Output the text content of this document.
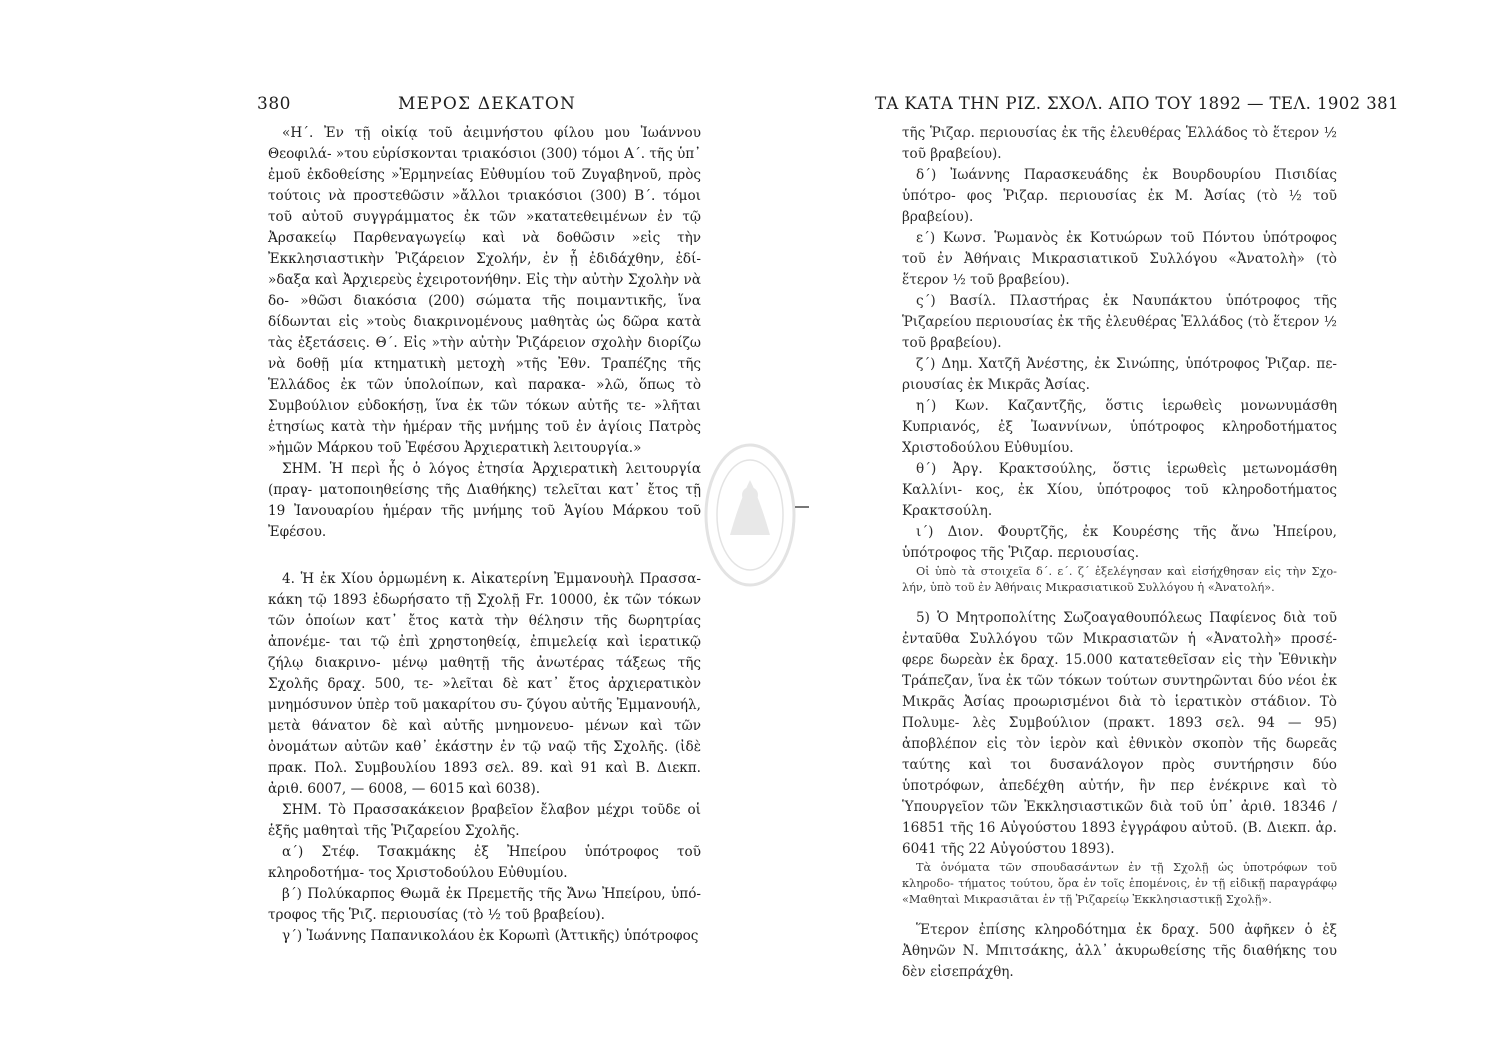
380	ΜΕΡΟΣ ΔΕΚΑΤΟΝ

«Η΄. Ἐν τῇ οἰκίᾳ τοῦ ἀειμνήστου φίλου μου Ἰωάννου Θεοφιλά- »του εὑρίσκονται τριακόσιοι (300) τόμοι Α΄. τῆς ὑπ᾿ ἐμοῦ ἐκδοθείσης »Ἑρμηνείας Εὐθυμίου τοῦ Ζυγαβηνοῦ, πρὸς τούτοις νὰ προστεθῶσιν »ἄλλοι τριακόσιοι (300) Β΄. τόμοι τοῦ αὐτοῦ συγγράμματος ἐκ τῶν »κατατεθειμένων ἐν τῷ Ἀρσακείῳ Παρθεναγωγείῳ καὶ νὰ δοθῶσιν »εἰς τὴν Ἐκκλησιαστικὴν Ῥιζάρειον Σχολήν, ἐν ᾗ ἐδιδάχθην, ἐδί- »δαξα καὶ Ἀρχιερεὺς ἐχειροτονήθην. Εἰς τὴν αὐτὴν Σχολὴν νὰ δο- »θῶσι διακόσια (200) σώματα τῆς ποιμαντικῆς, ἵνα δίδωνται εἰς »τοὺς διακρινομένους μαθητὰς ὡς δῶρα κατὰ τὰς ἐξετάσεις. Θ΄. Εἰς »τὴν αὐτὴν Ῥιζάρειον σχολὴν διορίζω νὰ δοθῇ μία κτηματικὴ μετοχὴ »τῆς Ἐθν. Τραπέζης τῆς Ἑλλάδος ἐκ τῶν ὑπολοίπων, καὶ παρακα- »λῶ, ὅπως τὸ Συμβούλιον εὐδοκήσῃ, ἵνα ἐκ τῶν τόκων αὐτῆς τε- »λῆται ἐτησίως κατὰ τὴν ἡμέραν τῆς μνήμης τοῦ ἐν ἁγίοις Πατρὸς »ἡμῶν Μάρκου τοῦ Ἐφέσου Ἀρχιερατικὴ λειτουργία.»

ΣΗΜ. Ἡ περὶ ἧς ὁ λόγος ἐτησία Ἀρχιερατικὴ λειτουργία (πραγ- ματοποιηθείσης τῆς Διαθήκης) τελεῖται κατ᾿ ἔτος τῇ 19 Ἰανουαρίου ἡμέραν τῆς μνήμης τοῦ Ἁγίου Μάρκου τοῦ Ἐφέσου.

4. Ἡ ἐκ Χίου ὁρμωμένη κ. Αἰκατερίνη Ἐμμανουὴλ Πρασσα- κάκη τῷ 1893 ἐδωρήσατο τῇ Σχολῇ Fr. 10000, ἐκ τῶν τόκων τῶν ὁποίων κατ᾿ ἔτος κατὰ τὴν θέλησιν τῆς δωρητρίας ἀπονέμε- ται τῷ ἐπὶ χρηστοηθείᾳ, ἐπιμελείᾳ καὶ ἱερατικῷ ζήλῳ διακρινο- μένῳ μαθητῇ τῆς ἀνωτέρας τάξεως τῆς Σχολῆς δραχ. 500, τε- »λεῖται δὲ κατ᾿ ἔτος ἀρχιερατικὸν μνημόσυνον ὑπὲρ τοῦ μακαρίτου συ- ζύγου αὐτῆς Ἐμμανουήλ, μετὰ θάνατον δὲ καὶ αὐτῆς μνημονευο- μένων καὶ τῶν ὀνομάτων αὐτῶν καθ᾿ ἑκάστην ἐν τῷ ναῷ τῆς Σχολῆς. (ἰδὲ πρακ. Πολ. Συμβουλίου 1893 σελ. 89. καὶ 91 καὶ Β. Διεκπ. ἀριθ. 6007, — 6008, — 6015 καὶ 6038).

ΣΗΜ. Τὸ Πρασσακάκειον βραβεῖον ἔλαβον μέχρι τοῦδε οἱ ἑξῆς μαθηταὶ τῆς Ῥιζαρείου Σχολῆς.

α΄) Στέφ. Τσακμάκης ἐξ Ἠπείρου ὑπότροφος τοῦ κληροδοτήμα- τος Χριστοδούλου Εὐθυμίου.

β΄) Πολύκαρπος Θωμᾶ ἐκ Πρεμετῆς τῆς Ἄνω Ἠπείρου, ὑπό- τροφος τῆς Ῥιζ. περιουσίας (τὸ ½ τοῦ βραβείου).

γ΄) Ἰωάννης Παπανικολάου ἐκ Κορωπὶ (Ἀττικῆς) ὑπότροφος

ΤΑ ΚΑΤΑ ΤΗΝ ΡΙΖ. ΣΧΟΛ. ΑΠΟ ΤΟΥ 1892 — ΤΕΛ. 1902 381

τῆς Ῥιζαρ. περιουσίας ἐκ τῆς ἐλευθέρας Ἑλλάδος τὸ ἕτερον ½ τοῦ βραβείου).

δ΄) Ἰωάννης Παρασκευάδης ἐκ Βουρδουρίου Πισιδίας ὑπότρο- φος Ῥιζαρ. περιουσίας ἐκ Μ. Ἀσίας (τὸ ½ τοῦ βραβείου).

ε΄) Κωνσ. Ῥωμανὸς ἐκ Κοτυώρων τοῦ Πόντου ὑπότροφος τοῦ ἐν Ἀθήναις Μικρασιατικοῦ Συλλόγου «Ἀνατολὴ» (τὸ ἕτερον ½ τοῦ βραβείου).

ς΄) Βασίλ. Πλαστήρας ἐκ Ναυπάκτου ὑπότροφος τῆς Ῥιζαρείου περιουσίας ἐκ τῆς ἐλευθέρας Ἑλλάδος (τὸ ἕτερον ½ τοῦ βραβείου).

ζ΄) Δημ. Χατζῆ Ἀνέστης, ἐκ Σινώπης, ὑπότροφος Ῥιζαρ. πε- ριουσίας ἐκ Μικρᾶς Ἀσίας.

η΄) Κων. Καζαντζῆς, ὅστις ἱερωθεὶς μονωνυμάσθη Κυπριανός, ἐξ Ἰωαννίνων, ὑπότροφος κληροδοτήματος Χριστοδούλου Εὐθυμίου.

θ΄) Ἀργ. Κρακτσούλης, ὅστις ἱερωθεὶς μετωνομάσθη Καλλίνι- κος, ἐκ Χίου, ὑπότροφος τοῦ κληροδοτήματος Κρακτσούλη.

ι΄) Διον. Φουρτζῆς, ἐκ Κουρέσης τῆς ἄνω Ἠπείρου, ὑπότροφος τῆς Ῥιζαρ. περιουσίας.

Οἱ ὑπὸ τὰ στοιχεῖα δ΄. ε΄. ζ΄ ἐξελέγησαν καὶ εἰσήχθησαν εἰς τὴν Σχο- λήν, ὑπὸ τοῦ ἐν Ἀθήναις Μικρασιατικοῦ Συλλόγου ἡ «Ἀνατολή».

5) Ὁ Μητροπολίτης Σωζοαγαθουπόλεως Παφίενος διὰ τοῦ ἐνταῦθα Συλλόγου τῶν Μικρασιατῶν ἡ «Ἀνατολὴ» προσέ- φερε δωρεὰν ἐκ δραχ. 15.000 κατατεθεῖσαν εἰς τὴν Ἐθνικὴν Τράπεζαν, ἵνα ἐκ τῶν τόκων τούτων συντηρῶνται δύο νέοι ἐκ Μικρᾶς Ἀσίας προωρισμένοι διὰ τὸ ἱερατικὸν στάδιον. Τὸ Πολυμε- λὲς Συμβούλιον (πρακτ. 1893 σελ. 94 — 95) ἀποβλέπον εἰς τὸν ἱερὸν καὶ ἐθνικὸν σκοπὸν τῆς δωρεᾶς ταύτης καὶ τοι δυσανάλογον πρὸς συντήρησιν δύο ὑποτρόφων, ἀπεδέχθη αὐτήν, ἣν περ ἐνέκρινε καὶ τὸ Ὑπουργεῖον τῶν Ἐκκλησιαστικῶν διὰ τοῦ ὑπ᾿ ἀριθ. 18346 / 16851 τῆς 16 Αὐγούστου 1893 ἐγγράφου αὐτοῦ. (Β. Διεκπ. ἀρ. 6041 τῆς 22 Αὐγούστου 1893).

Τὰ ὀνόματα τῶν σπουδασάντων ἐν τῇ Σχολῇ ὡς ὑποτρόφων τοῦ κληροδο- τήματος τούτου, ὅρα ἐν τοῖς ἑπομένοις, ἐν τῇ εἰδικῇ παραγράφῳ «Μαθηταὶ Μικρασιᾶται ἐν τῇ Ῥιζαρείῳ Ἐκκλησιαστικῇ Σχολῇ».

Ἕτερον ἐπίσης κληροδότημα ἐκ δραχ. 500 ἀφῆκεν ὁ ἐξ Ἀθηνῶν Ν. Μπιτσάκης, ἀλλ᾿ ἀκυρωθείσης τῆς διαθήκης του δὲν εἰσεπράχθη.
